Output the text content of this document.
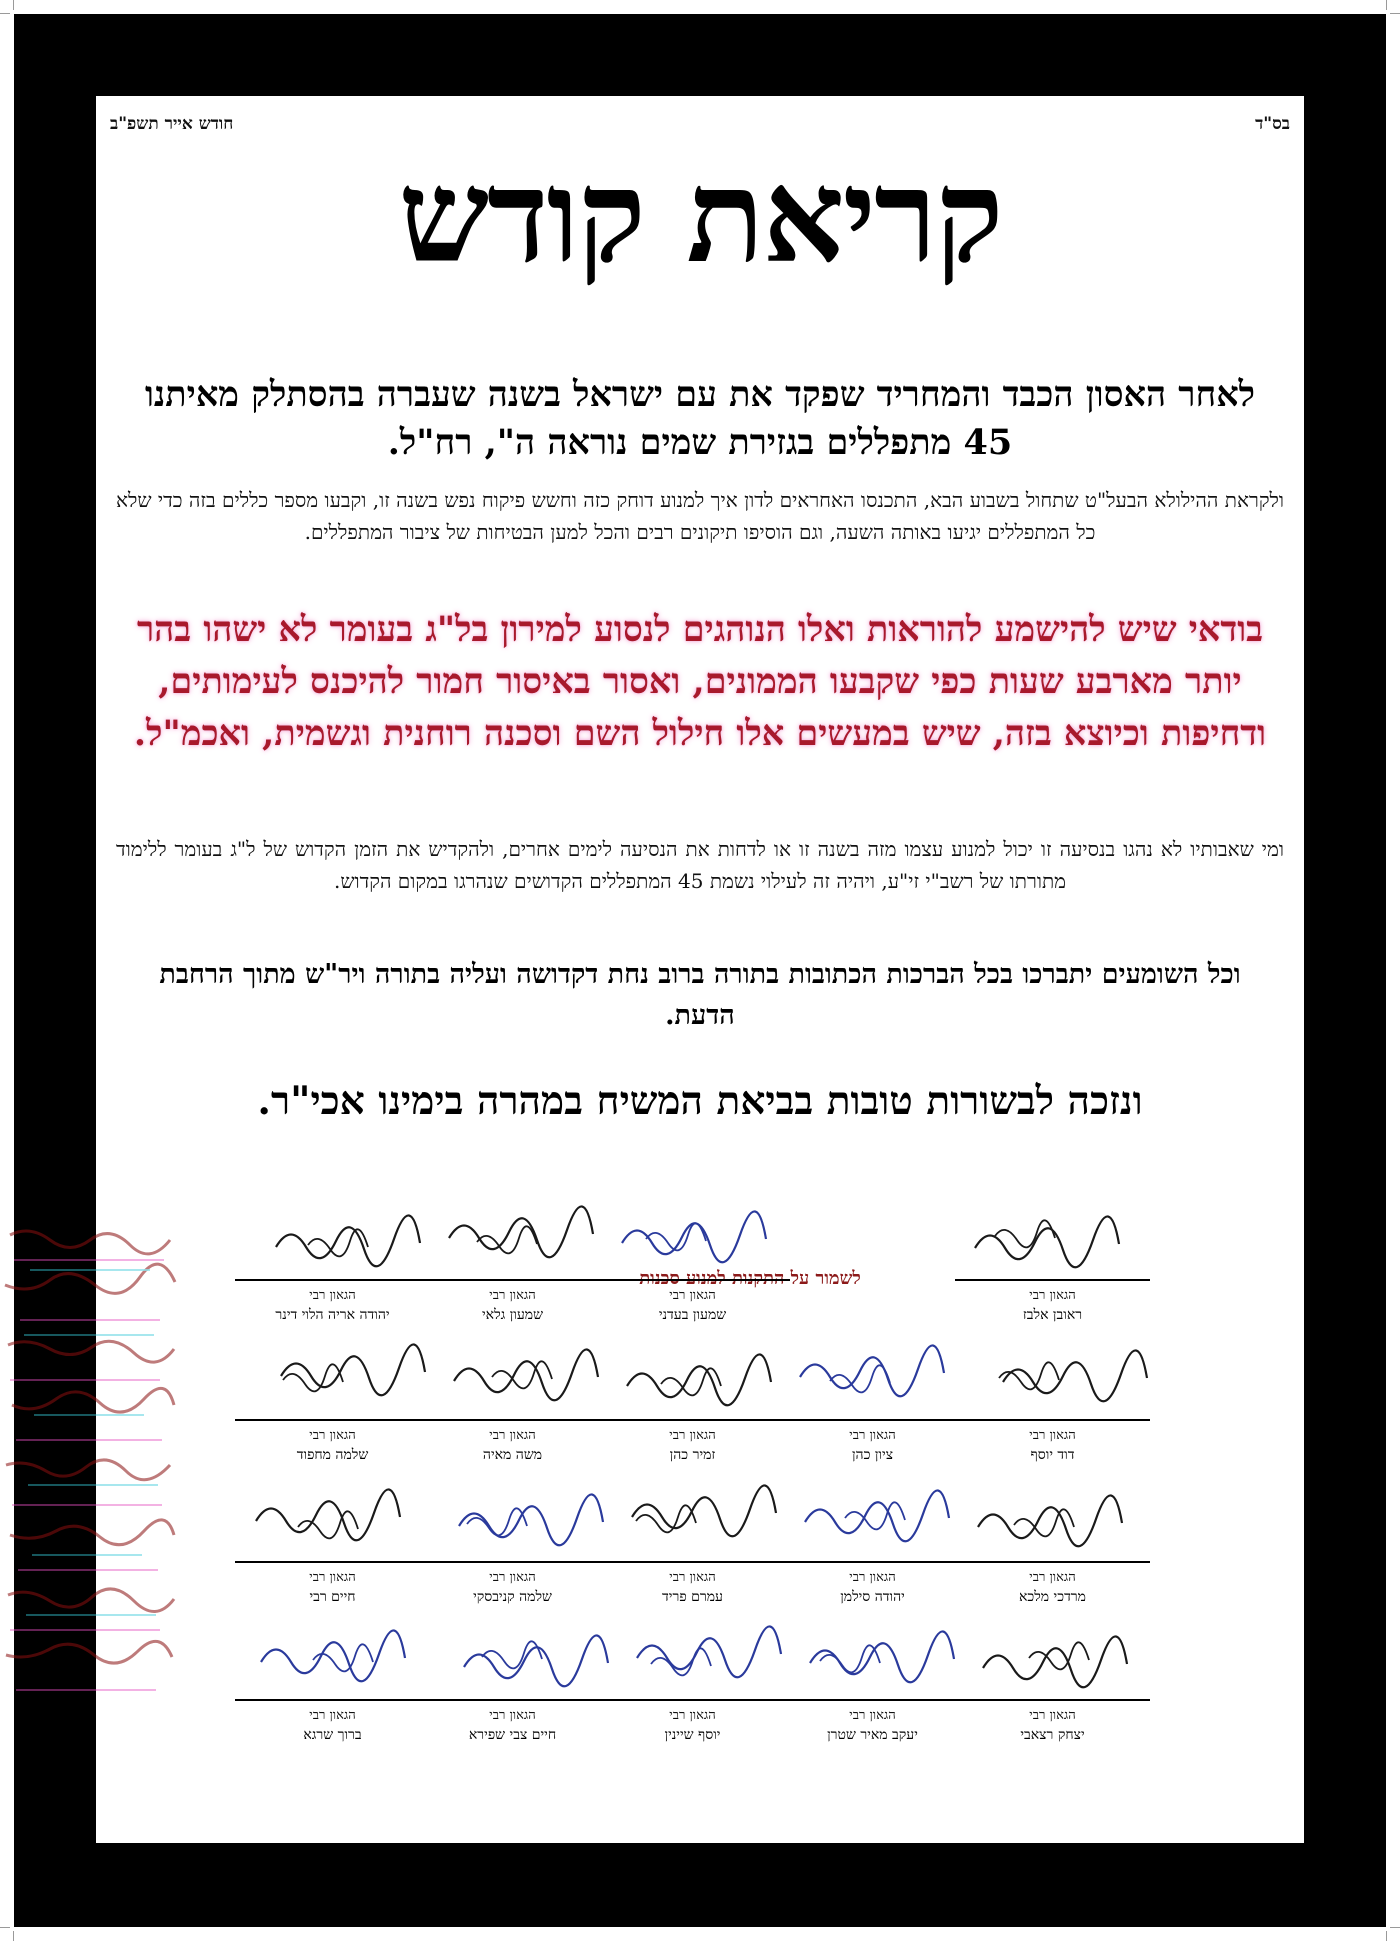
בס"ד
חודש אייר תשפ"ב
קריאת קודש
לאחר האסון הכבד והמחריד שפקד את עם ישראל בשנה שעברה בהסתלק מאיתנו 45 מתפללים בגזירת שמים נוראה ה", רח"ל.
ולקראת ההילולא הבעל"ט שתחול בשבוע הבא, התכנסו האחראים לדון איך למנוע דוחק כזה וחשש פיקוח נפש בשנה זו, וקבעו מספר כללים בזה כדי שלא כל המתפללים יגיעו באותה השעה, וגם הוסיפו תיקונים רבים והכל למען הבטיחות של ציבור המתפללים.
בודאי שיש להישמע להוראות ואלו הנוהגים לנסוע למירון בל"ג בעומר לא ישהו בהר יותר מארבע שעות כפי שקבעו הממונים, ואסור באיסור חמור להיכנס לעימותים, ודחיפות וכיוצא בזה, שיש במעשים אלו חילול השם וסכנה רוחנית וגשמית, ואכמ"ל.
ומי שאבותיו לא נהגו בנסיעה זו יכול למנוע עצמו מזה בשנה זו או לדחות את הנסיעה לימים אחרים, ולהקדיש את הזמן הקדוש של ל"ג בעומר ללימוד מתורתו של רשב"י זי"ע, ויהיה זה לעילוי נשמת 45 המתפללים הקדושים שנהרגו במקום הקדוש.
וכל השומעים יתברכו בכל הברכות הכתובות בתורה ברוב נחת דקדושה ועליה בתורה ויר"ש מתוך הרחבת הדעת.
ונזכה לבשורות טובות בביאת המשיח במהרה בימינו אכי"ר.
חתימות הרבנים לפי סדר הא'-ב'
לשמור על התקנות למנוע סכנות
הגאון רבי
ראובן אלבז
הגאון רבי
שמעון בעדני
הגאון רבי
שמעון גלאי
הגאון רבי
יהודה אריה הלוי דינר
הגאון רבי
דוד יוסף
הגאון רבי
ציון כהן
הגאון רבי
זמיר כהן
הגאון רבי
משה מאיה
הגאון רבי
שלמה מחפוד
הגאון רבי
מרדכי מלכא
הגאון רבי
יהודה סילמן
הגאון רבי
עמרם פריד
הגאון רבי
שלמה קניבסקי
הגאון רבי
חיים רבי
הגאון רבי
יצחק רצאבי
הגאון רבי
יעקב מאיר שטרן
הגאון רבי
יוסף שיינין
הגאון רבי
חיים צבי שפירא
הגאון רבי
ברוך שרגא
